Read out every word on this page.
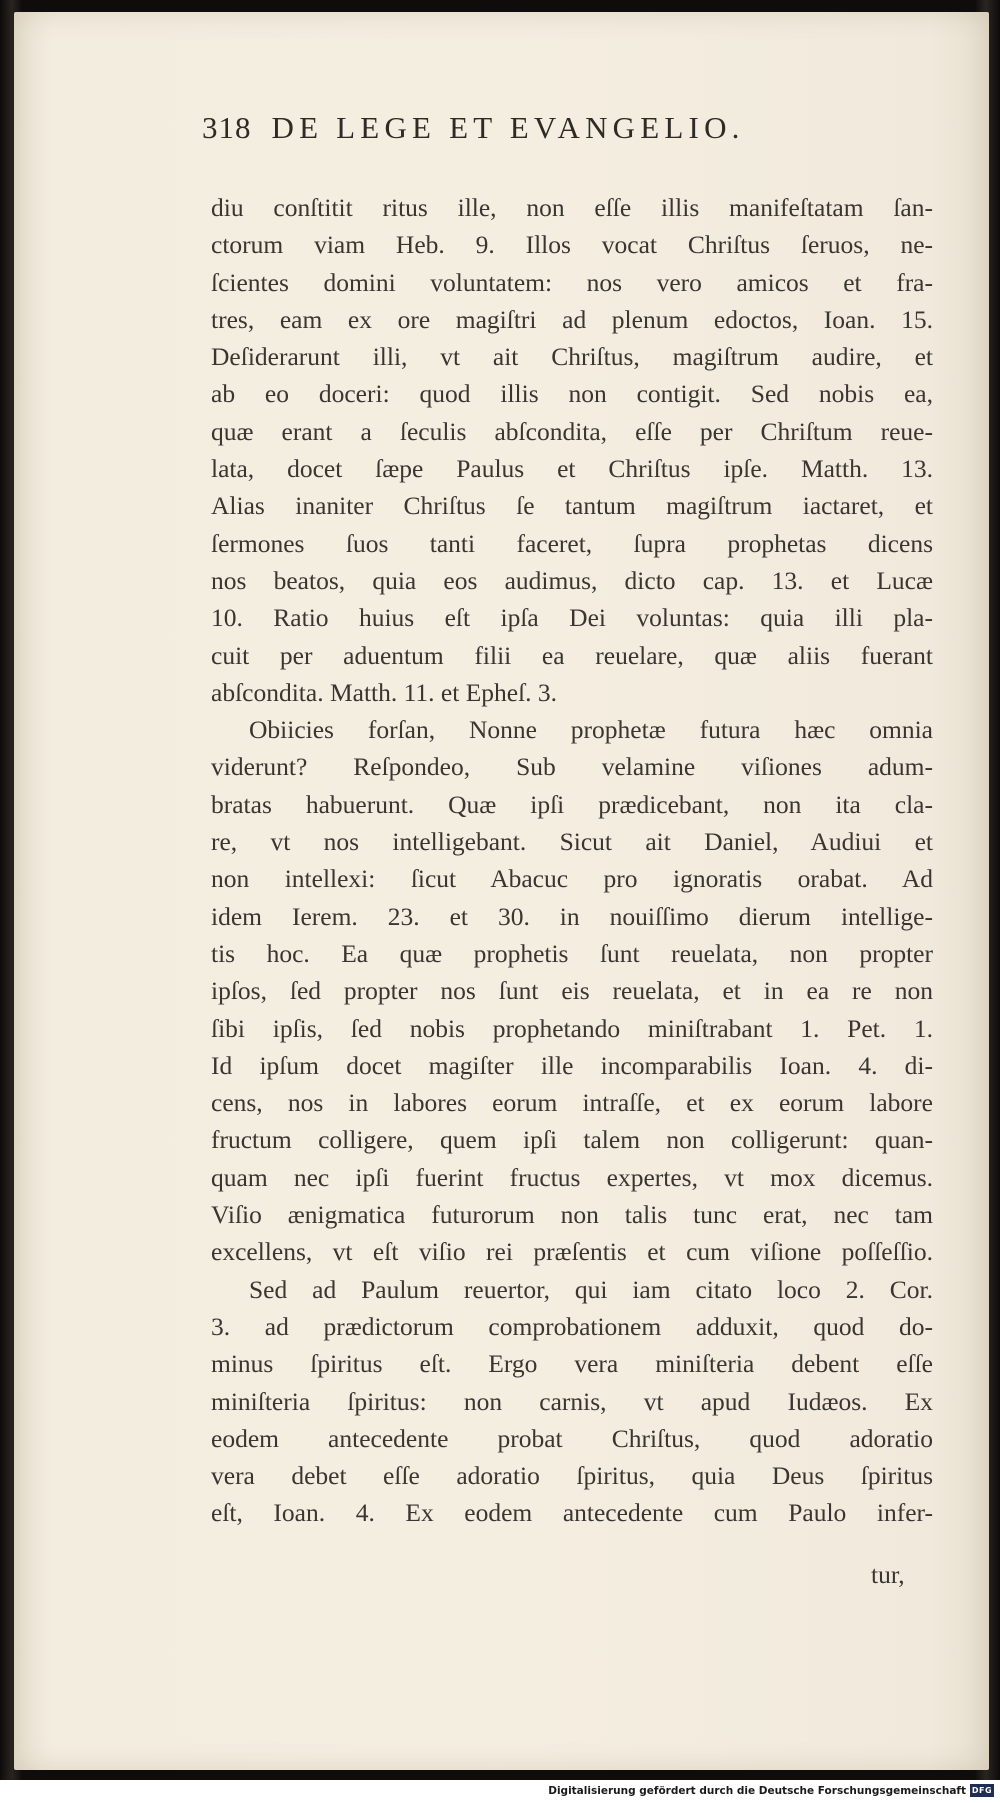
318 DE LEGE ET EVANGELIO.
diu conſtitit ritus ille, non eſſe illis manifeſtatam ſan-
ctorum viam Heb. 9. Illos vocat Chriſtus ſeruos, ne-
ſcientes domini voluntatem: nos vero amicos et fra-
tres, eam ex ore magiſtri ad plenum edoctos, Ioan. 15.
Deſiderarunt illi, vt ait Chriſtus, magiſtrum audire, et
ab eo doceri: quod illis non contigit. Sed nobis ea,
quæ erant a ſeculis abſcondita, eſſe per Chriſtum reue-
lata, docet ſæpe Paulus et Chriſtus ipſe. Matth. 13.
Alias inaniter Chriſtus ſe tantum magiſtrum iactaret, et
ſermones ſuos tanti faceret, ſupra prophetas dicens
nos beatos, quia eos audimus, dicto cap. 13. et Lucæ
10. Ratio huius eſt ipſa Dei voluntas: quia illi pla-
cuit per aduentum filii ea reuelare, quæ aliis fuerant
abſcondita. Matth. 11. et Epheſ. 3.
Obiicies forſan, Nonne prophetæ futura hæc omnia
viderunt? Reſpondeo, Sub velamine viſiones adum-
bratas habuerunt. Quæ ipſi prædicebant, non ita cla-
re, vt nos intelligebant. Sicut ait Daniel, Audiui et
non intellexi: ſicut Abacuc pro ignoratis orabat. Ad
idem Ierem. 23. et 30. in nouiſſimo dierum intellige-
tis hoc. Ea quæ prophetis ſunt reuelata, non propter
ipſos, ſed propter nos ſunt eis reuelata, et in ea re non
ſibi ipſis, ſed nobis prophetando miniſtrabant 1. Pet. 1.
Id ipſum docet magiſter ille incomparabilis Ioan. 4. di-
cens, nos in labores eorum intraſſe, et ex eorum labore
fructum colligere, quem ipſi talem non colligerunt: quan-
quam nec ipſi fuerint fructus expertes, vt mox dicemus.
Viſio ænigmatica futurorum non talis tunc erat, nec tam
excellens, vt eſt viſio rei præſentis et cum viſione poſſeſſio.
Sed ad Paulum reuertor, qui iam citato loco 2. Cor.
3. ad prædictorum comprobationem adduxit, quod do-
minus ſpiritus eſt. Ergo vera miniſteria debent eſſe
miniſteria ſpiritus: non carnis, vt apud Iudæos. Ex
eodem antecedente probat Chriſtus, quod adoratio
vera debet eſſe adoratio ſpiritus, quia Deus ſpiritus
eſt, Ioan. 4. Ex eodem antecedente cum Paulo infer-
tur,
Digitalisierung gefördert durch die Deutsche Forschungsgemeinschaft DFG
